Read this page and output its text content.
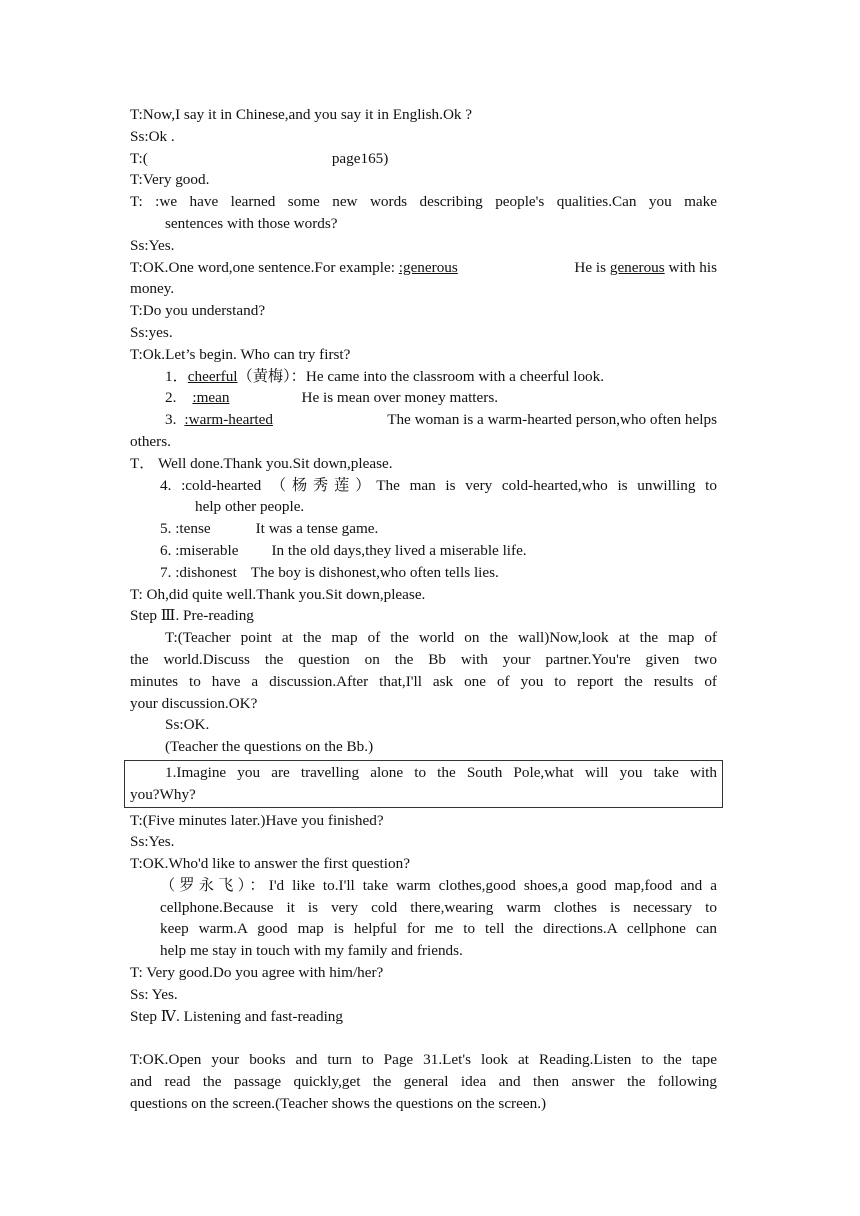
T:Now,I say it in Chinese,and you say it in English.Ok ?
Ss:Ok .
T:(	page165)
T:Very good.
T: :we have learned some new words describing people's qualities.Can you make
sentences with those words?
Ss:Yes.
T:OK.One word,one sentence.For example: :generous	He is generous with his
money.
T:Do you understand?
Ss:yes.
T:Ok.Let’s begin. Who can try first?
1．cheerful（黄梅）：He came into the classroom with a cheerful look.
2. :mean	He is mean over money matters.
3. :warm-hearted	The woman is a warm-hearted person,who often helps
others.
T． Well done.Thank you.Sit down,please.
4. :cold-hearted （杨秀莲）The man is very cold-hearted,who is unwilling to
help other people.
5. :tense	It was a tense game.
6. :miserable In the old days,they lived a miserable life.
7. :dishonest The boy is dishonest,who often tells lies.
T: Oh,did quite well.Thank you.Sit down,please.
Step Ⅲ. Pre-reading
T:(Teacher point at the map of the world on the wall)Now,look at the map of
the world.Discuss the question on the Bb with your partner.You're given two
minutes to have a discussion.After that,I'll ask one of you to report the results of
your discussion.OK?
Ss:OK.
(Teacher the questions on the Bb.)
1.Imagine you are travelling alone to the South Pole,what will you take with
you?Why?
T:(Five minutes later.)Have you finished?
Ss:Yes.
T:OK.Who'd like to answer the first question?
（罗永飞）：I'd like to.I'll take warm clothes,good shoes,a good map,food and a
cellphone.Because it is very cold there,wearing warm clothes is necessary to
keep warm.A good map is helpful for me to tell the directions.A cellphone can
help me stay in touch with my family and friends.
T: Very good.Do you agree with him/her?
Ss: Yes.
Step Ⅳ. Listening and fast-reading
T:OK.Open your books and turn to Page 31.Let's look at Reading.Listen to the tape
and read the passage quickly,get the general idea and then answer the following
questions on the screen.(Teacher shows the questions on the screen.)
